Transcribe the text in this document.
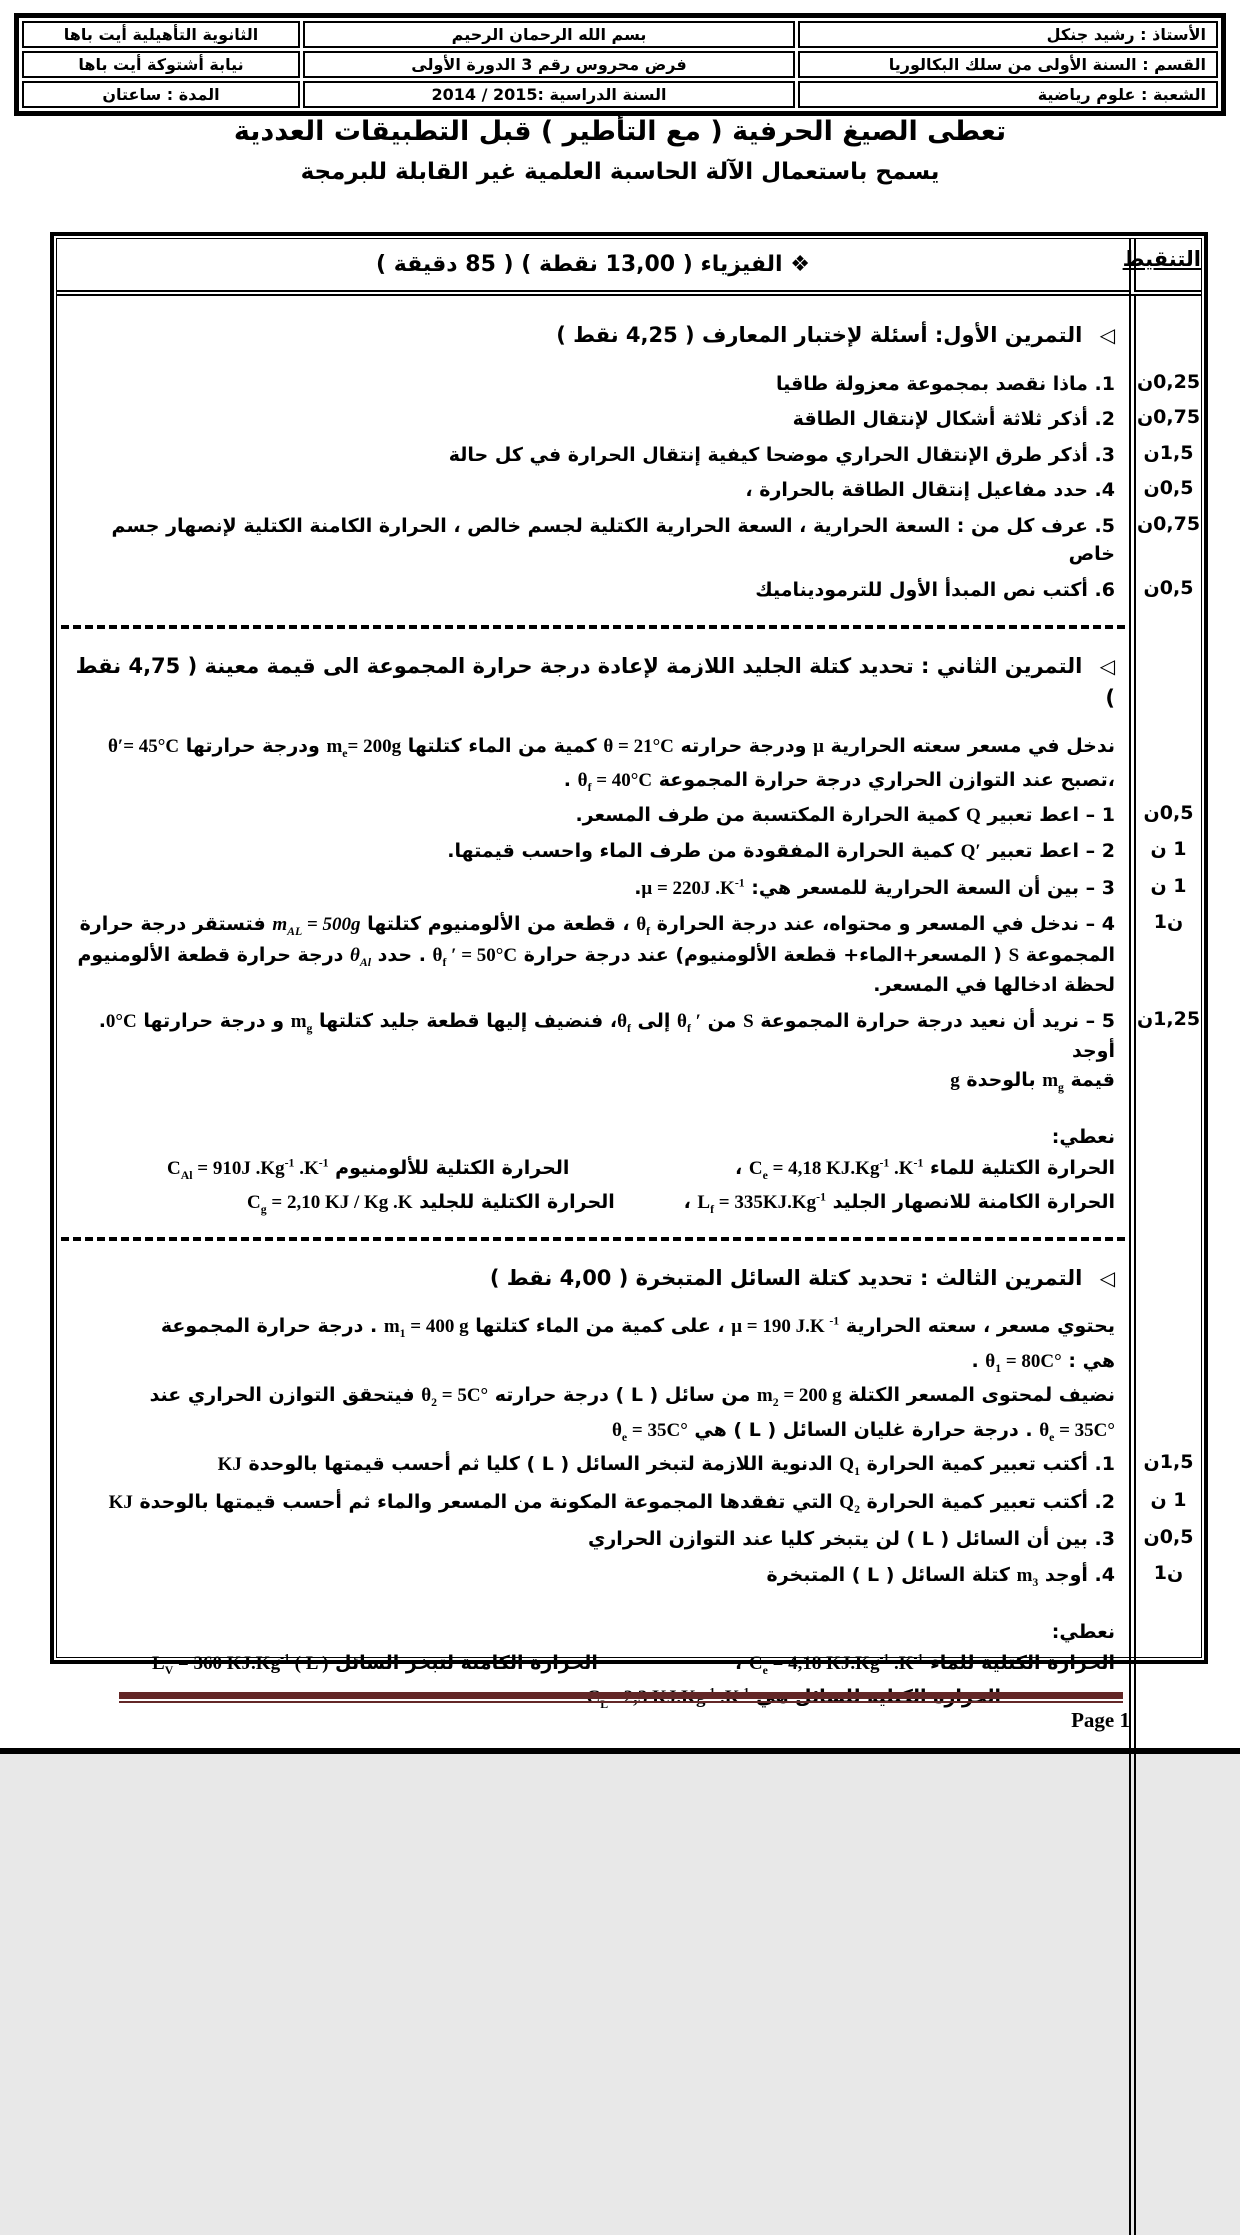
الأستاذ : رشيد جنكل
بسم الله الرحمان الرحيم
الثانوية التأهيلية أيت باها
القسم : السنة الأولى من سلك البكالوريا
فرض محروس رقم 3 الدورة الأولى
نيابة أشتوكة أيت باها
الشعبة : علوم رياضية
السنة الدراسية :
2014 / 2015
المدة : ساعتان
تعطى الصيغ الحرفية ( مع التأطير ) قبل التطبيقات العددية
يسمح باستعمال الآلة الحاسبة العلمية غير القابلة للبرمجة
التنقيط
❖ الفيزياء ( 13,00 نقطة ) ( 85 دقيقة )
◁ التمرين الأول: أسئلة لإختبار المعارف ( 4,25 نقط )
0,25ن
1. ماذا نقصد بمجموعة معزولة طاقيا
0,75ن
2. أذكر ثلاثة أشكال لإنتقال الطاقة
1,5ن
3. أذكر طرق الإنتقال الحراري موضحا كيفية إنتقال الحرارة في كل حالة
0,5ن
4. حدد مفاعيل إنتقال الطاقة بالحرارة ،
0,75ن
5. عرف كل من : السعة الحرارية ، السعة الحرارية الكتلية لجسم خالص ، الحرارة الكامنة الكتلية لإنصهار جسم خاص
0,5ن
6. أكتب نص المبدأ الأول للترموديناميك
◁ التمرين الثاني : تحديد كتلة الجليد اللازمة لإعادة درجة حرارة المجموعة الى قيمة معينة ( 4,75 نقط )
ندخل في مسعر سعته الحرارية μ ودرجة حرارته θ = 21°C كمية من الماء كتلتها $m_e= 200g$ ودرجة حرارتها θ′= 45°C
،تصبح عند التوازن الحراري درجة حرارة المجموعة $\theta_f = 40^\circ C$ .
0,5ن
1 – اعط تعبير Q كمية الحرارة المكتسبة من طرف المسعر.
1 ن
2 – اعط تعبير Q′ كمية الحرارة المفقودة من طرف الماء واحسب قيمتها.
1 ن
3 – بين أن السعة الحرارية للمسعر هي: μ = 220J $.K^{-1}$.
ن1
4 – ندخل في المسعر و محتواه، عند درجة الحرارة $\theta_f$ ، قطعة من الألومنيوم كتلتها $m_{AL} = 500g$ فتستقر درجة حرارة المجموعة S ( المسعر+الماء+ قطعة الألومنيوم) عند درجة حرارة $\theta_f$ ′ = 50°C . حدد $\theta_{Al}$ درجة حرارة قطعة الألومنيوم لحظة ادخالها في المسعر.
1,25ن
5 – نريد أن نعيد درجة حرارة المجموعة S من $\theta_f$ ′ إلى $\theta_f،$ فنضيف إليها قطعة جليد كتلتها $m_g$ و درجة حرارتها 0°C. أوجد
قيمة $m_g$ بالوحدة g
نعطي:
الحرارة الكتلية للماء $C_e = 4,18$ $KJ.Kg^{-1}$ $.K^{-1}$ ،
الحرارة الكتلية للألومنيوم $C_{Al} = 910J$ $.Kg^{-1}$ $.K^{-1}$
الحرارة الكامنة للانصهار الجليد $L_f = 335KJ.Kg^{-1}$ ،
الحرارة الكتلية للجليد $C_g = 2,10$ KJ / Kg .K
◁ التمرين الثالث : تحديد كتلة السائل المتبخرة ( 4,00 نقط )
يحتوي مسعر ، سعته الحرارية μ = 190 J.K $^{-1}$ ، على كمية من الماء كتلتها $m_1 = 400$ g . درجة حرارة المجموعة
هي : $\theta_1 = 80C^\circ$ .
نضيف لمحتوى المسعر الكتلة $m_2 = 200$ g من سائل ( L ) درجة حرارته $\theta_2 = 5C^\circ$ فيتحقق التوازن الحراري عند
$\theta_e = 35C^\circ$ . درجة حرارة غليان السائل ( L ) هي $\theta_e = 35C^\circ$
1,5ن
1. أكتب تعبير كمية الحرارة $Q_1$ الدنوية اللازمة لتبخر السائل ( L ) كليا ثم أحسب قيمتها بالوحدة KJ
1 ن
2. أكتب تعبير كمية الحرارة $Q_2$ التي تفقدها المجموعة المكونة من المسعر والماء ثم أحسب قيمتها بالوحدة KJ
0,5ن
3. بين أن السائل ( L ) لن يتبخر كليا عند التوازن الحراري
ن1
4. أوجد $m_3$ كتلة السائل ( L ) المتبخرة
نعطي:
الحرارة الكتلية للماء $C_e = 4,18$ $KJ.Kg^{-1}$ $.K^{-1}$ ،
الحرارة الكامنة لتبخر السائل $L_V = 360$ $KJ.Kg^{-1}$ ( L )
الحرارة الكتلية للسائل هي $C_L =2,3$ $KJ.Kg^{-1}$ $.K^{-1}$
Page 1
